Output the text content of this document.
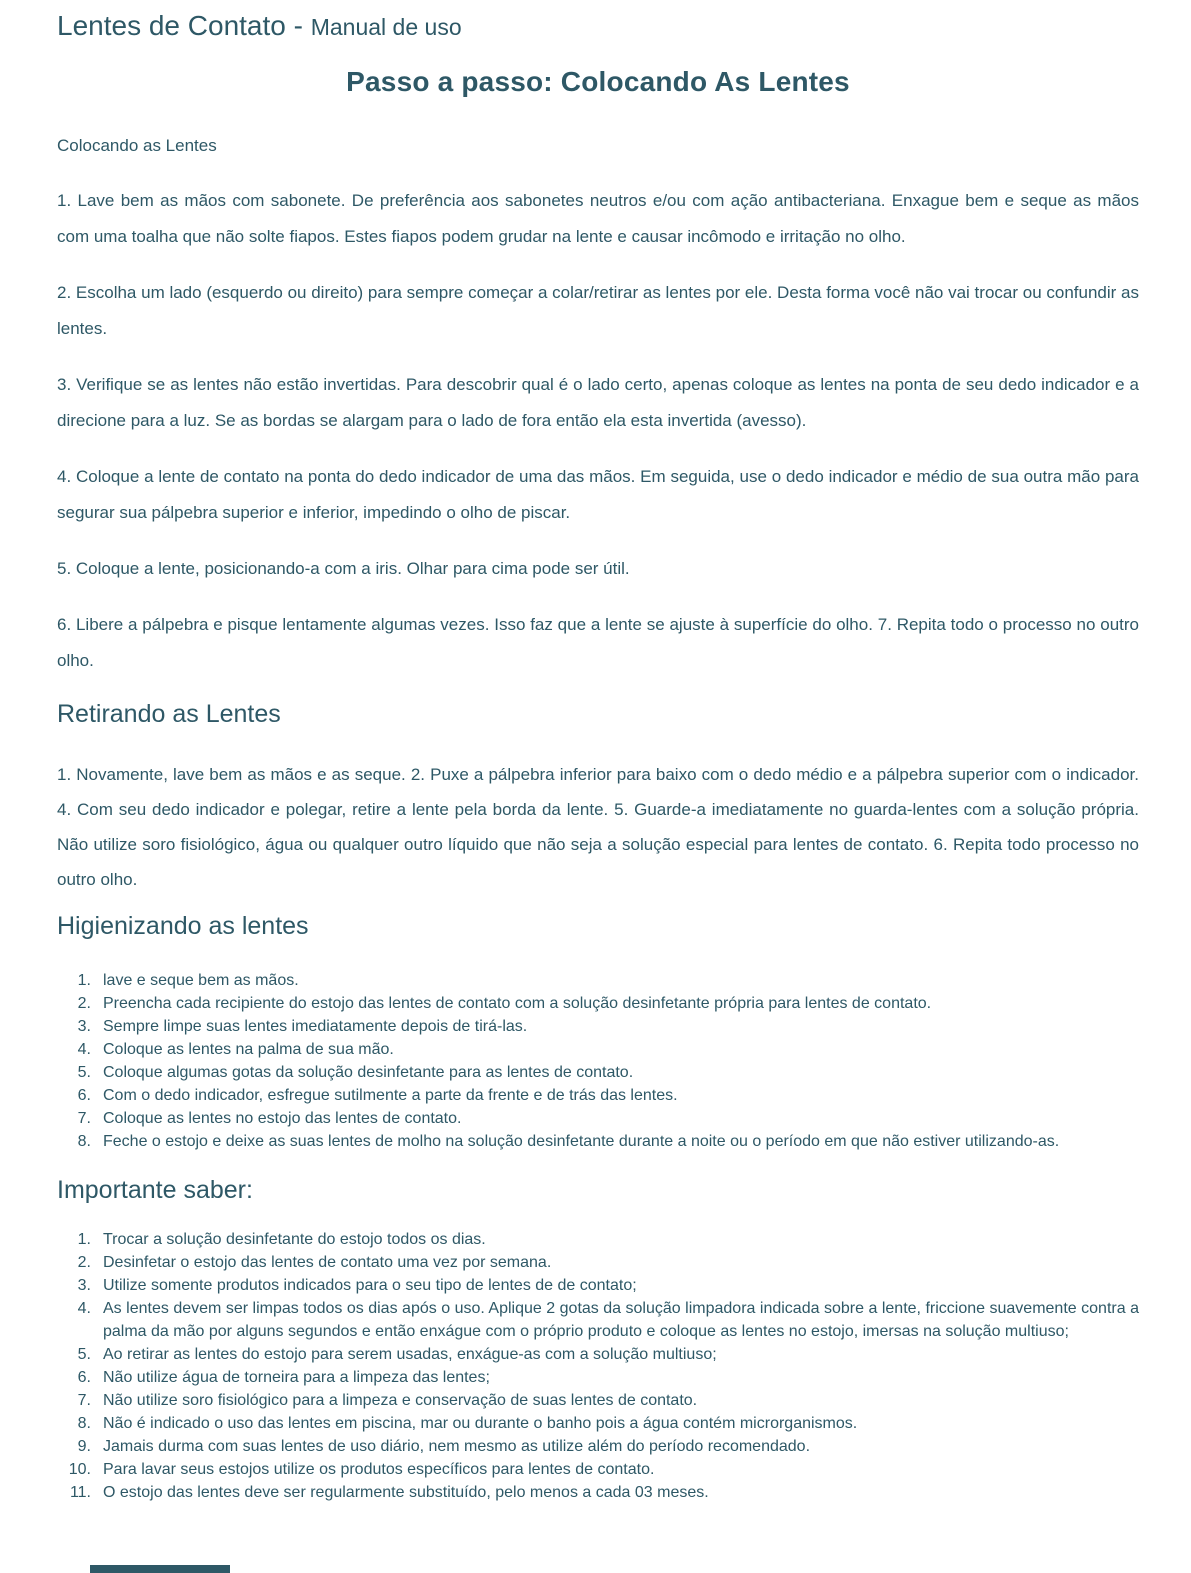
Lentes de Contato - Manual de uso
Passo a passo: Colocando As Lentes

Colocando as Lentes

1. Lave bem as mãos com sabonete. De preferência aos sabonetes neutros e/ou com ação antibacteriana. Enxague bem e seque as mãos com uma toalha que não solte fiapos. Estes fiapos podem grudar na lente e causar incômodo e irritação no olho.

2. Escolha um lado (esquerdo ou direito) para sempre começar a colar/retirar as lentes por ele. Desta forma você não vai trocar ou confundir as lentes.

3. Verifique se as lentes não estão invertidas. Para descobrir qual é o lado certo, apenas coloque as lentes na ponta de seu dedo indicador e a direcione para a luz. Se as bordas se alargam para o lado de fora então ela esta invertida (avesso).

4. Coloque a lente de contato na ponta do dedo indicador de uma das mãos. Em seguida, use o dedo indicador e médio de sua outra mão para segurar sua pálpebra superior e inferior, impedindo o olho de piscar.

5. Coloque a lente, posicionando-a com a iris. Olhar para cima pode ser útil.

6. Libere a pálpebra e pisque lentamente algumas vezes. Isso faz que a lente se ajuste à superfície do olho. 7. Repita todo o processo no outro olho.

Retirando as Lentes

1. Novamente, lave bem as mãos e as seque. 2. Puxe a pálpebra inferior para baixo com o dedo médio e a pálpebra superior com o indicador. 4. Com seu dedo indicador e polegar, retire a lente pela borda da lente. 5. Guarde-a imediatamente no guarda-lentes com a solução própria. Não utilize soro fisiológico, água ou qualquer outro líquido que não seja a solução especial para lentes de contato. 6. Repita todo processo no outro olho.

Higienizando as lentes
lave e seque bem as mãos.
Preencha cada recipiente do estojo das lentes de contato com a solução desinfetante própria para lentes de contato.
Sempre limpe suas lentes imediatamente depois de tirá-las.
Coloque as lentes na palma de sua mão.
Coloque algumas gotas da solução desinfetante para as lentes de contato.
Com o dedo indicador, esfregue sutilmente a parte da frente e de trás das lentes.
Coloque as lentes no estojo das lentes de contato.
Feche o estojo e deixe as suas lentes de molho na solução desinfetante durante a noite ou o período em que não estiver utilizando-as.
Importante saber:
Trocar a solução desinfetante do estojo todos os dias.
Desinfetar o estojo das lentes de contato uma vez por semana.
Utilize somente produtos indicados para o seu tipo de lentes de de contato;
As lentes devem ser limpas todos os dias após o uso. Aplique 2 gotas da solução limpadora indicada sobre a lente, friccione suavemente contra a palma da mão por alguns segundos e então enxágue com o próprio produto e coloque as lentes no estojo, imersas na solução multiuso;
Ao retirar as lentes do estojo para serem usadas, enxágue-as com a solução multiuso;
Não utilize água de torneira para a limpeza das lentes;
Não utilize soro fisiológico para a limpeza e conservação de suas lentes de contato.
Não é indicado o uso das lentes em piscina, mar ou durante o banho pois a água contém microrganismos.
Jamais durma com suas lentes de uso diário, nem mesmo as utilize além do período recomendado.
Para lavar seus estojos utilize os produtos específicos para lentes de contato.
O estojo das lentes deve ser regularmente substituído, pelo menos a cada 03 meses.
